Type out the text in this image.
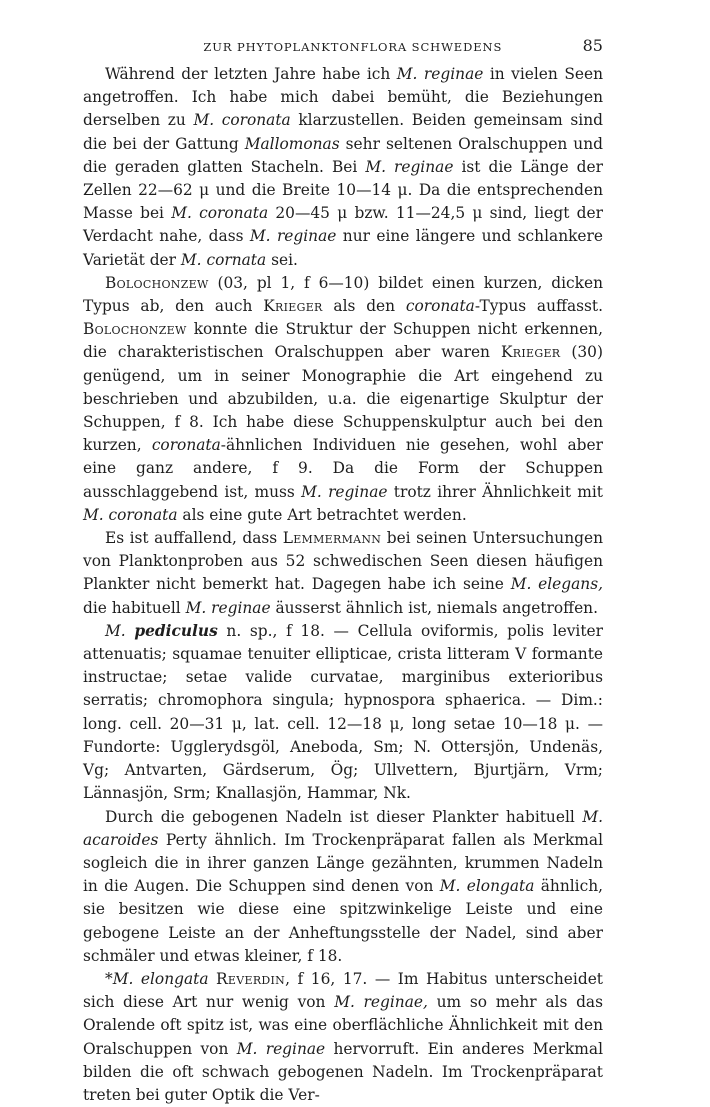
ZUR PHYTOPLANKTONFLORA SCHWEDENS	85

Während der letzten Jahre habe ich M. reginae in vielen Seen angetroffen. Ich habe mich dabei bemüht, die Beziehungen derselben zu M. coronata klarzustellen. Beiden gemeinsam sind die bei der Gattung Mallomonas sehr seltenen Oralschuppen und die geraden glatten Stacheln. Bei M. reginae ist die Länge der Zellen 22—62 μ und die Breite 10—14 μ. Da die entsprechenden Masse bei M. coronata 20—45 μ bzw. 11—24,5 μ sind, liegt der Verdacht nahe, dass M. reginae nur eine längere und schlankere Varietät der M. cornata sei.

Bolochonzew (03, pl 1, f 6—10) bildet einen kurzen, dicken Typus ab, den auch Krieger als den coronata-Typus auffasst. Bolochonzew konnte die Struktur der Schuppen nicht erkennen, die charakteristischen Oralschuppen aber waren Krieger (30) genügend, um in seiner Monographie die Art eingehend zu beschrieben und abzubilden, u.a. die eigenartige Skulptur der Schuppen, f 8. Ich habe diese Schuppenskulptur auch bei den kurzen, coronata-ähnlichen Individuen nie gesehen, wohl aber eine ganz andere, f 9. Da die Form der Schuppen ausschlaggebend ist, muss M. reginae trotz ihrer Ähnlichkeit mit M. coronata als eine gute Art betrachtet werden.

Es ist auffallend, dass Lemmermann bei seinen Untersuchungen von Planktonproben aus 52 schwedischen Seen diesen häufigen Plankter nicht bemerkt hat. Dagegen habe ich seine M. elegans, die habituell M. reginae äusserst ähnlich ist, niemals angetroffen.

M. pediculus n. sp., f 18. — Cellula oviformis, polis leviter attenuatis; squamae tenuiter ellipticae, crista litteram V formante instructae; setae valide curvatae, marginibus exterioribus serratis; chromophora singula; hypnospora sphaerica. — Dim.: long. cell. 20—31 μ, lat. cell. 12—18 μ, long setae 10—18 μ. — Fundorte: Ugglerydsgöl, Aneboda, Sm; N. Ottersjön, Undenäs, Vg; Antvarten, Gärdserum, Ög; Ullvettern, Bjurtjärn, Vrm; Lännasjön, Srm; Knallasjön, Hammar, Nk.

Durch die gebogenen Nadeln ist dieser Plankter habituell M. acaroides Perty ähnlich. Im Trockenpräparat fallen als Merkmal sogleich die in ihrer ganzen Länge gezähnten, krummen Nadeln in die Augen. Die Schuppen sind denen von M. elongata ähnlich, sie besitzen wie diese eine spitzwinkelige Leiste und eine gebogene Leiste an der Anheftungsstelle der Nadel, sind aber schmäler und etwas kleiner, f 18.

*M. elongata Reverdin, f 16, 17. — Im Habitus unterscheidet sich diese Art nur wenig von M. reginae, um so mehr als das Oralende oft spitz ist, was eine oberflächliche Ähnlichkeit mit den Oralschuppen von M. reginae hervorruft. Ein anderes Merkmal bilden die oft schwach gebogenen Nadeln. Im Trockenpräparat treten bei guter Optik die Ver-
